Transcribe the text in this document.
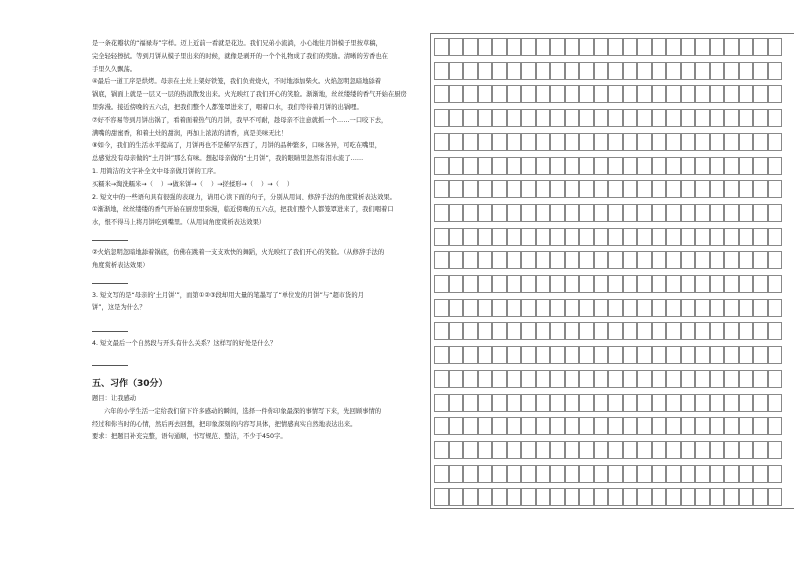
是一条花瓣状的“福禄寿”字样。迈上近前一看就是花边。我们兄弟小流淌，小心地往月饼模子里按草稿，

完全轻轻擦拭。等到月饼从模子里出来的时候，就像是剥开的一个个礼物成了我们的奖励。清晰的芳香也在

手里久久飘荡。

④最后一道工序是烘烤。母亲在土灶上架好铁笼，我们负责烧火，不时地添加柴火。火焰忽明忽暗地舔着

锅底，锅面上就是一层又一层的热浪散发出来。火光映红了我们开心的笑脸。渐渐地，丝丝缕缕的香气开始在厨房

里弥漫。接近傍晚的五六点，把我们整个人都笼罩进来了，咽着口水，我们等待着月饼的出锅哩。

⑦好不容易等到月饼出锅了，看着面着热气的月饼，我早不可耐，趁母亲不注意就抓一个……一口咬下去，

满嘴的甜蜜香，和着土灶的甜润，再加上浓浓的清香，真是美味无比！

⑧如今，我们的生活水平提高了，月饼再也不是稀罕东西了，月饼的品种繁多，口味各异，可吃在嘴里，

总感觉没有母亲做的“土月饼”那么有味。想起母亲做的“土月饼”，我的眼睛里忽然有泪水流了……

1. 用简洁的文字补全文中母亲做月饼的工序。

买糯米→淘洗糯米→（    ）→做米饼→（    ）→搓揉形→（    ）→（    ）

2. 短文中的一些语句具有很强的表现力，请用心读下面的句子，分别从用词、修辞手法的角度赏析表达效果。

①渐渐地，丝丝缕缕的香气开始在厨房里弥漫，临近傍晚的五六点，把我们整个人都笼罩进来了，我们咽着口

水，恨不得马上将月饼吃到嘴里。（从用词角度赏析表达效果）

②火焰忽明忽暗地舔着锅底，仿佛在跳着一支支欢快的舞蹈，火光映红了我们开心的笑脸。（从修辞手法的

角度赏析表达效果）

3. 短文写的是“母亲的‘土月饼’”，而第①②③段却用大量的笔墨写了“单位发的月饼”与“超市货的月

饼”，这是为什么？

4. 短文最后一个自然段与开头有什么关系？这样写的好处是什么？

五、习作（30分）

题目：让我感动

六年的小学生活一定给我们留下许多感动的瞬间，选择一件你印象最深的事情写下来，先回顾事情的

经过和你当时的心情，然后再去回想，把印象深刻的内容写具体，把情感真实自然地表达出来。

要求：把题目补充完整，语句通顺，书写规范、整洁，不少于450字。
